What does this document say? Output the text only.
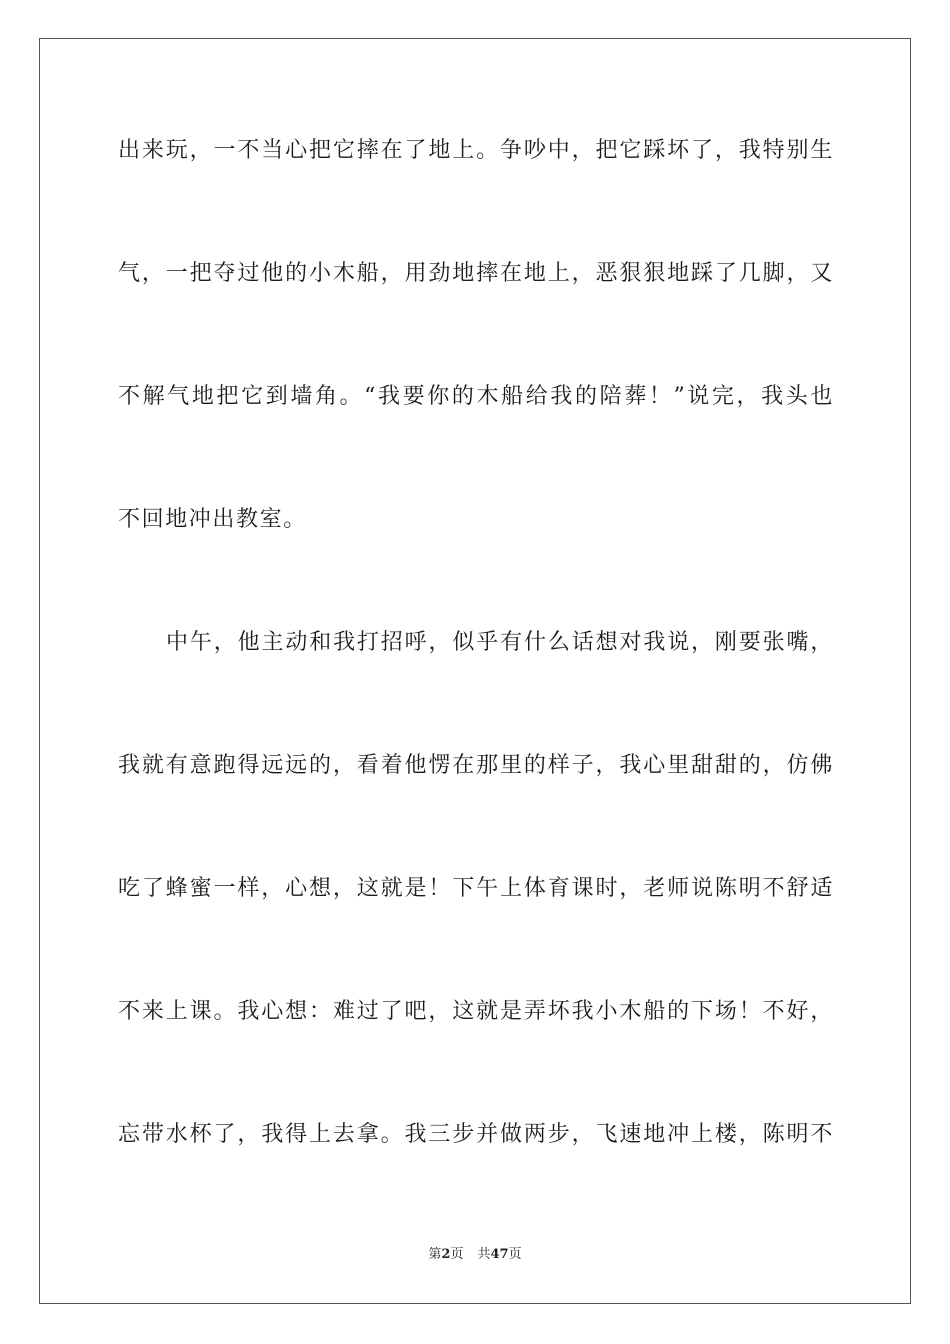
出来玩，一不当心把它摔在了地上。争吵中，把它踩坏了，我特别生
气，一把夺过他的小木船，用劲地摔在地上，恶狠狠地踩了几脚，又
不解气地把它到墙角。“我要你的木船给我的陪葬！”说完，我头也
不回地冲出教室。
中午，他主动和我打招呼，似乎有什么话想对我说，刚要张嘴，
我就有意跑得远远的，看着他愣在那里的样子，我心里甜甜的，仿佛
吃了蜂蜜一样，心想，这就是！下午上体育课时，老师说陈明不舒适
不来上课。我心想：难过了吧，这就是弄坏我小木船的下场！不好，
忘带水杯了，我得上去拿。我三步并做两步，飞速地冲上楼，陈明不
第2页 共47页
